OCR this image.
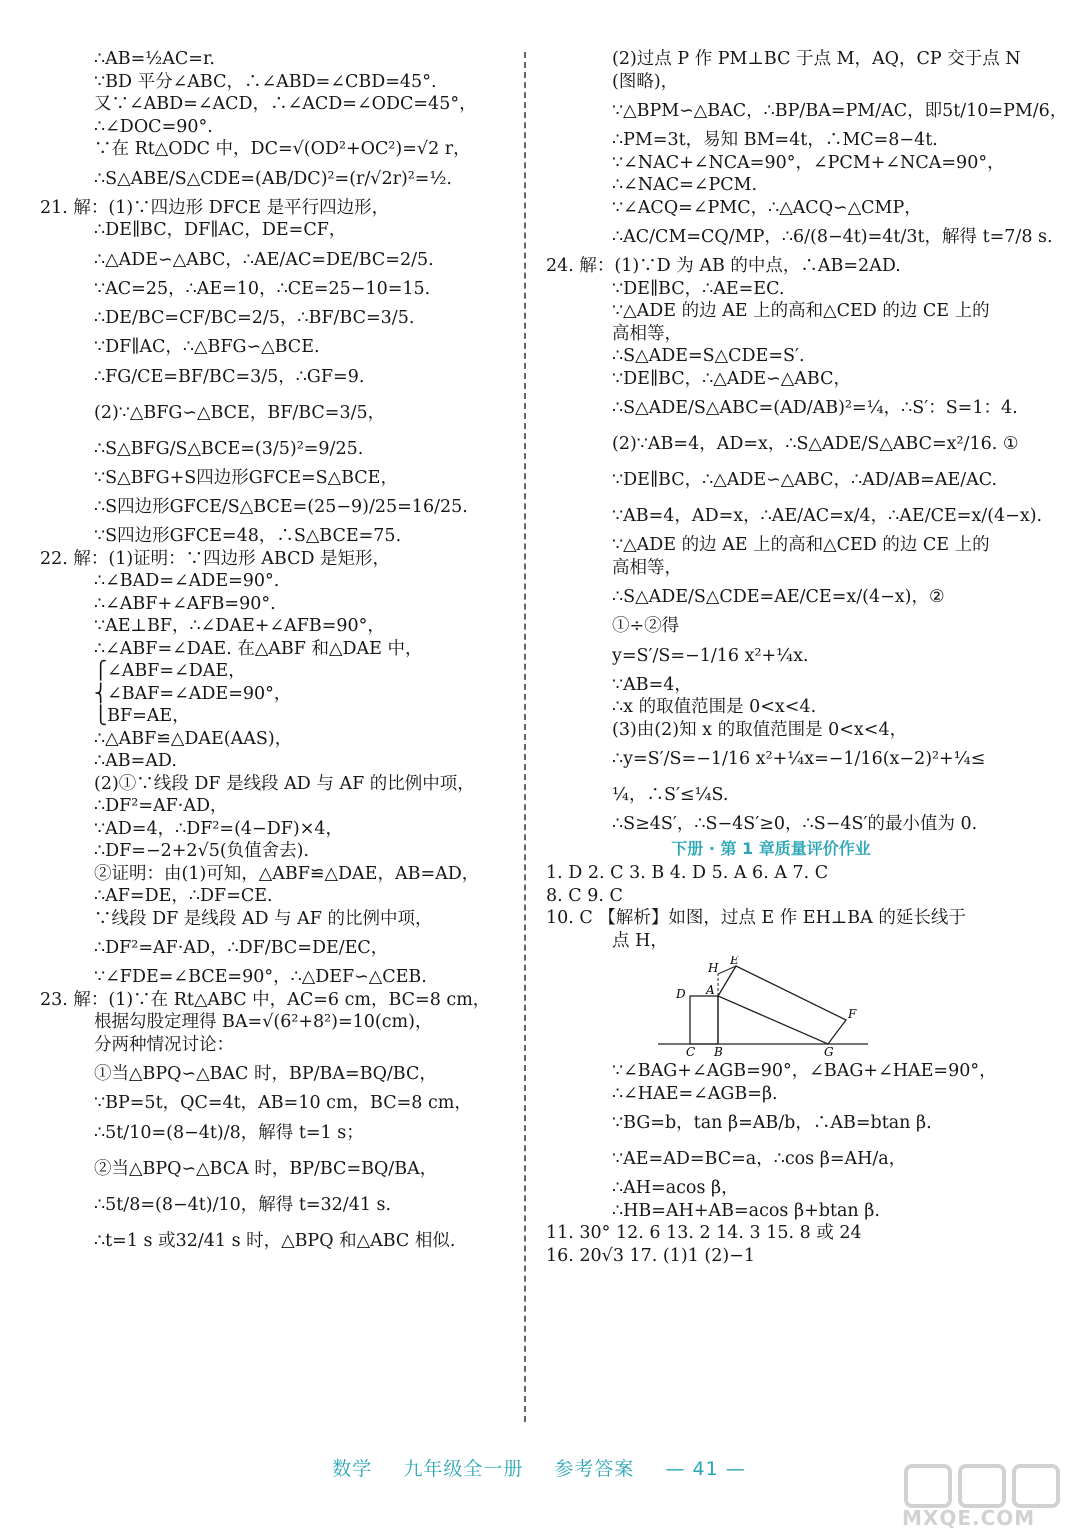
∴AB=½AC=r.
∵BD 平分∠ABC，∴∠ABD=∠CBD=45°.
又∵∠ABD=∠ACD，∴∠ACD=∠ODC=45°，
∴∠DOC=90°.
∵在 Rt△ODC 中，DC=√(OD²+OC²)=√2 r，
∴S△ABE/S△CDE=(AB/DC)²=(r/√2r)²=½.
21. 解：(1)∵四边形 DFCE 是平行四边形，
∴DE∥BC，DF∥AC，DE=CF，
∴△ADE∽△ABC，∴AE/AC=DE/BC=2/5.
∵AC=25，∴AE=10，∴CE=25−10=15.
∴DE/BC=CF/BC=2/5，∴BF/BC=3/5.
∵DF∥AC，∴△BFG∽△BCE.
∴FG/CE=BF/BC=3/5，∴GF=9.
(2)∵△BFG∽△BCE，BF/BC=3/5，
∴S△BFG/S△BCE=(3/5)²=9/25.
∵S△BFG+S四边形GFCE=S△BCE，
∴S四边形GFCE/S△BCE=(25−9)/25=16/25.
∵S四边形GFCE=48，∴S△BCE=75.
22. 解：(1)证明：∵四边形 ABCD 是矩形，
∴∠BAD=∠ADE=90°.
∴∠ABF+∠AFB=90°.
∵AE⊥BF，∴∠DAE+∠AFB=90°，
∴∠ABF=∠DAE. 在△ABF 和△DAE 中，
⎧∠ABF=∠DAE，
⎨∠BAF=∠ADE=90°，
⎩BF=AE，
∴△ABF≌△DAE(AAS)，
∴AB=AD.
(2)①∵线段 DF 是线段 AD 与 AF 的比例中项，
∴DF²=AF·AD，
∵AD=4，∴DF²=(4−DF)×4，
∴DF=−2+2√5(负值舍去).
②证明：由(1)可知，△ABF≌△DAE，AB=AD，
∴AF=DE，∴DF=CE.
∵线段 DF 是线段 AD 与 AF 的比例中项，
∴DF²=AF·AD，∴DF/BC=DE/EC，
∵∠FDE=∠BCE=90°，∴△DEF∽△CEB.
23. 解：(1)∵在 Rt△ABC 中，AC=6 cm，BC=8 cm，
根据勾股定理得 BA=√(6²+8²)=10(cm)，
分两种情况讨论：
①当△BPQ∽△BAC 时，BP/BA=BQ/BC，
∵BP=5t，QC=4t，AB=10 cm，BC=8 cm，
∴5t/10=(8−4t)/8，解得 t=1 s；
②当△BPQ∽△BCA 时，BP/BC=BQ/BA，
∴5t/8=(8−4t)/10，解得 t=32/41 s.
∴t=1 s 或32/41 s 时，△BPQ 和△ABC 相似.
(2)过点 P 作 PM⊥BC 于点 M，AQ，CP 交于点 N
(图略)，
∵△BPM∽△BAC，∴BP/BA=PM/AC，即5t/10=PM/6，
∴PM=3t，易知 BM=4t，∴MC=8−4t.
∵∠NAC+∠NCA=90°，∠PCM+∠NCA=90°，
∴∠NAC=∠PCM.
∵∠ACQ=∠PMC，∴△ACQ∽△CMP，
∴AC/CM=CQ/MP，∴6/(8−4t)=4t/3t，解得 t=7/8 s.
24. 解：(1)∵D 为 AB 的中点，∴AB=2AD.
∵DE∥BC，∴AE=EC.
∵△ADE 的边 AE 上的高和△CED 的边 CE 上的
高相等，
∴S△ADE=S△CDE=S′.
∵DE∥BC，∴△ADE∽△ABC，
∴S△ADE/S△ABC=(AD/AB)²=¼，∴S′：S=1：4.
(2)∵AB=4，AD=x，∴S△ADE/S△ABC=x²/16. ①
∵DE∥BC，∴△ADE∽△ABC，∴AD/AB=AE/AC.
∵AB=4，AD=x，∴AE/AC=x/4，∴AE/CE=x/(4−x).
∵△ADE 的边 AE 上的高和△CED 的边 CE 上的
高相等，
∴S△ADE/S△CDE=AE/CE=x/(4−x)，②
①÷②得
y=S′/S=−1/16 x²+¼x.
∵AB=4，
∴x 的取值范围是 0<x<4.
(3)由(2)知 x 的取值范围是 0<x<4，
∴y=S′/S=−1/16 x²+¼x=−1/16(x−2)²+¼≤
¼，∴S′≤¼S.
∴S≥4S′，∴S−4S′≥0，∴S−4S′的最小值为 0.
下册 · 第 1 章质量评价作业
1. D 2. C 3. B 4. D 5. A 6. A 7. C
8. C 9. C
10. C 【解析】如图，过点 E 作 EH⊥BA 的延长线于
点 H，
H
E
A
D
F
C B	G
∵∠BAG+∠AGB=90°，∠BAG+∠HAE=90°，
∴∠HAE=∠AGB=β.
∵BG=b，tan β=AB/b，∴AB=btan β.
∵AE=AD=BC=a，∴cos β=AH/a，
∴AH=acos β，
∴HB=AH+AB=acos β+btan β.
11. 30° 12. 6 13. 2 14. 3 15. 8 或 24
16. 20√3 17. (1)1 (2)−1
数学 九年级全一册 参考答案 — 41 —
MXQE.COM
